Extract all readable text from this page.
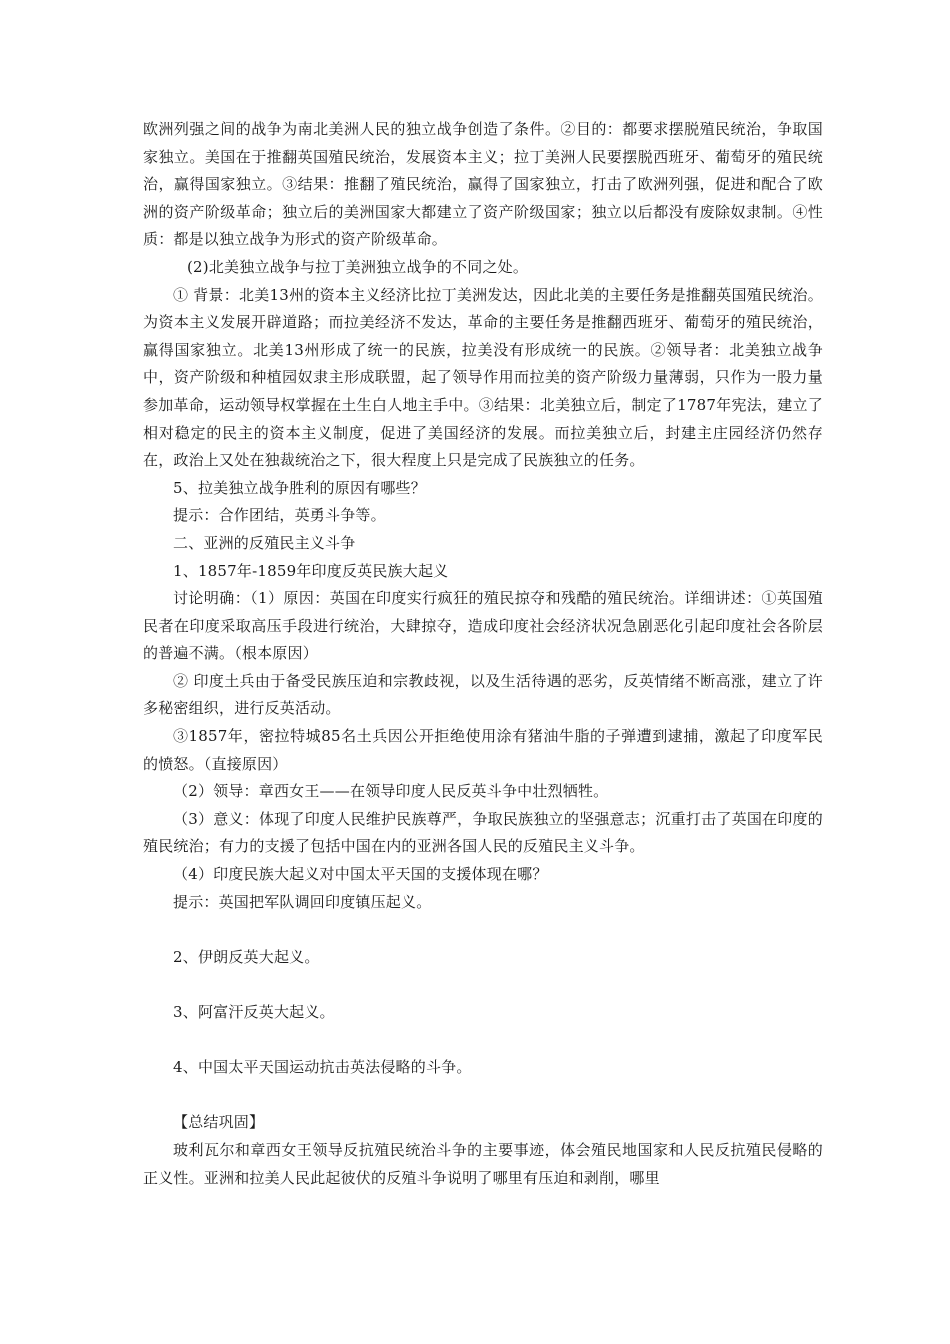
欧洲列强之间的战争为南北美洲人民的独立战争创造了条件。②目的：都要求摆脱殖民统治，争取国家独立。美国在于推翻英国殖民统治，发展资本主义；拉丁美洲人民要摆脱西班牙、葡萄牙的殖民统治，赢得国家独立。③结果：推翻了殖民统治，赢得了国家独立，打击了欧洲列强，促进和配合了欧洲的资产阶级革命；独立后的美洲国家大都建立了资产阶级国家；独立以后都没有废除奴隶制。④性质：都是以独立战争为形式的资产阶级革命。

(2)北美独立战争与拉丁美洲独立战争的不同之处。

① 背景：北美13州的资本主义经济比拉丁美洲发达，因此北美的主要任务是推翻英国殖民统治。为资本主义发展开辟道路；而拉美经济不发达，革命的主要任务是推翻西班牙、葡萄牙的殖民统治，赢得国家独立。北美13州形成了统一的民族，拉美没有形成统一的民族。②领导者：北美独立战争中，资产阶级和种植园奴隶主形成联盟，起了领导作用而拉美的资产阶级力量薄弱，只作为一股力量参加革命，运动领导权掌握在土生白人地主手中。③结果：北美独立后，制定了1787年宪法，建立了相对稳定的民主的资本主义制度，促进了美国经济的发展。而拉美独立后，封建主庄园经济仍然存在，政治上又处在独裁统治之下，很大程度上只是完成了民族独立的任务。

5、拉美独立战争胜利的原因有哪些？

提示：合作团结，英勇斗争等。

二、亚洲的反殖民主义斗争

1、1857年-1859年印度反英民族大起义

讨论明确：（1）原因：英国在印度实行疯狂的殖民掠夺和残酷的殖民统治。详细讲述：①英国殖民者在印度采取高压手段进行统治，大肆掠夺，造成印度社会经济状况急剧恶化引起印度社会各阶层的普遍不满。（根本原因）

② 印度土兵由于备受民族压迫和宗教歧视，以及生活待遇的恶劣，反英情绪不断高涨，建立了许多秘密组织，进行反英活动。

③1857年，密拉特城85名土兵因公开拒绝使用涂有猪油牛脂的子弹遭到逮捕，激起了印度军民的愤怒。（直接原因）

（2）领导：章西女王——在领导印度人民反英斗争中壮烈牺牲。

（3）意义：体现了印度人民维护民族尊严，争取民族独立的坚强意志；沉重打击了英国在印度的殖民统治；有力的支援了包括中国在内的亚洲各国人民的反殖民主义斗争。

（4）印度民族大起义对中国太平天国的支援体现在哪？

提示：英国把军队调回印度镇压起义。

2、伊朗反英大起义。

3、阿富汗反英大起义。

4、中国太平天国运动抗击英法侵略的斗争。

【总结巩固】

玻利瓦尔和章西女王领导反抗殖民统治斗争的主要事迹，体会殖民地国家和人民反抗殖民侵略的正义性。亚洲和拉美人民此起彼伏的反殖斗争说明了哪里有压迫和剥削，哪里
